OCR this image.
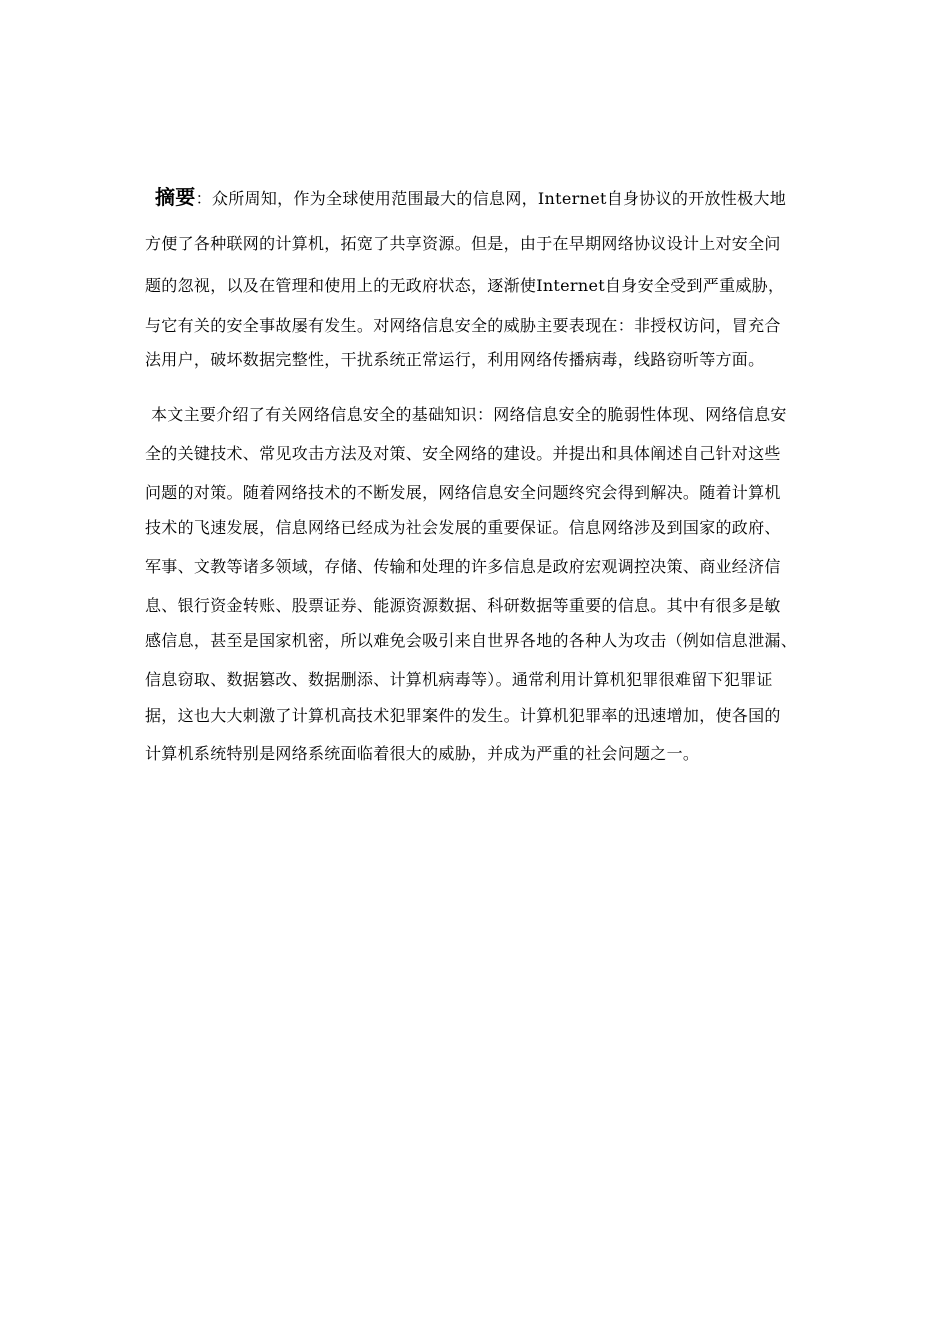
摘要：众所周知，作为全球使用范围最大的信息网，Internet自身协议的开放性极大地
方便了各种联网的计算机，拓宽了共享资源。但是，由于在早期网络协议设计上对安全问
题的忽视，以及在管理和使用上的无政府状态，逐渐使Internet自身安全受到严重威胁，
与它有关的安全事故屡有发生。对网络信息安全的威胁主要表现在：非授权访问，冒充合
法用户，破坏数据完整性，干扰系统正常运行，利用网络传播病毒，线路窃听等方面。
本文主要介绍了有关网络信息安全的基础知识：网络信息安全的脆弱性体现、网络信息安
全的关键技术、常见攻击方法及对策、安全网络的建设。并提出和具体阐述自己针对这些
问题的对策。随着网络技术的不断发展，网络信息安全问题终究会得到解决。随着计算机
技术的飞速发展，信息网络已经成为社会发展的重要保证。信息网络涉及到国家的政府、
军事、文教等诸多领域，存储、传输和处理的许多信息是政府宏观调控决策、商业经济信
息、银行资金转账、股票证券、能源资源数据、科研数据等重要的信息。其中有很多是敏
感信息，甚至是国家机密，所以难免会吸引来自世界各地的各种人为攻击（例如信息泄漏、
信息窃取、数据篡改、数据删添、计算机病毒等）。通常利用计算机犯罪很难留下犯罪证
据，这也大大刺激了计算机高技术犯罪案件的发生。计算机犯罪率的迅速增加，使各国的
计算机系统特别是网络系统面临着很大的威胁，并成为严重的社会问题之一。
